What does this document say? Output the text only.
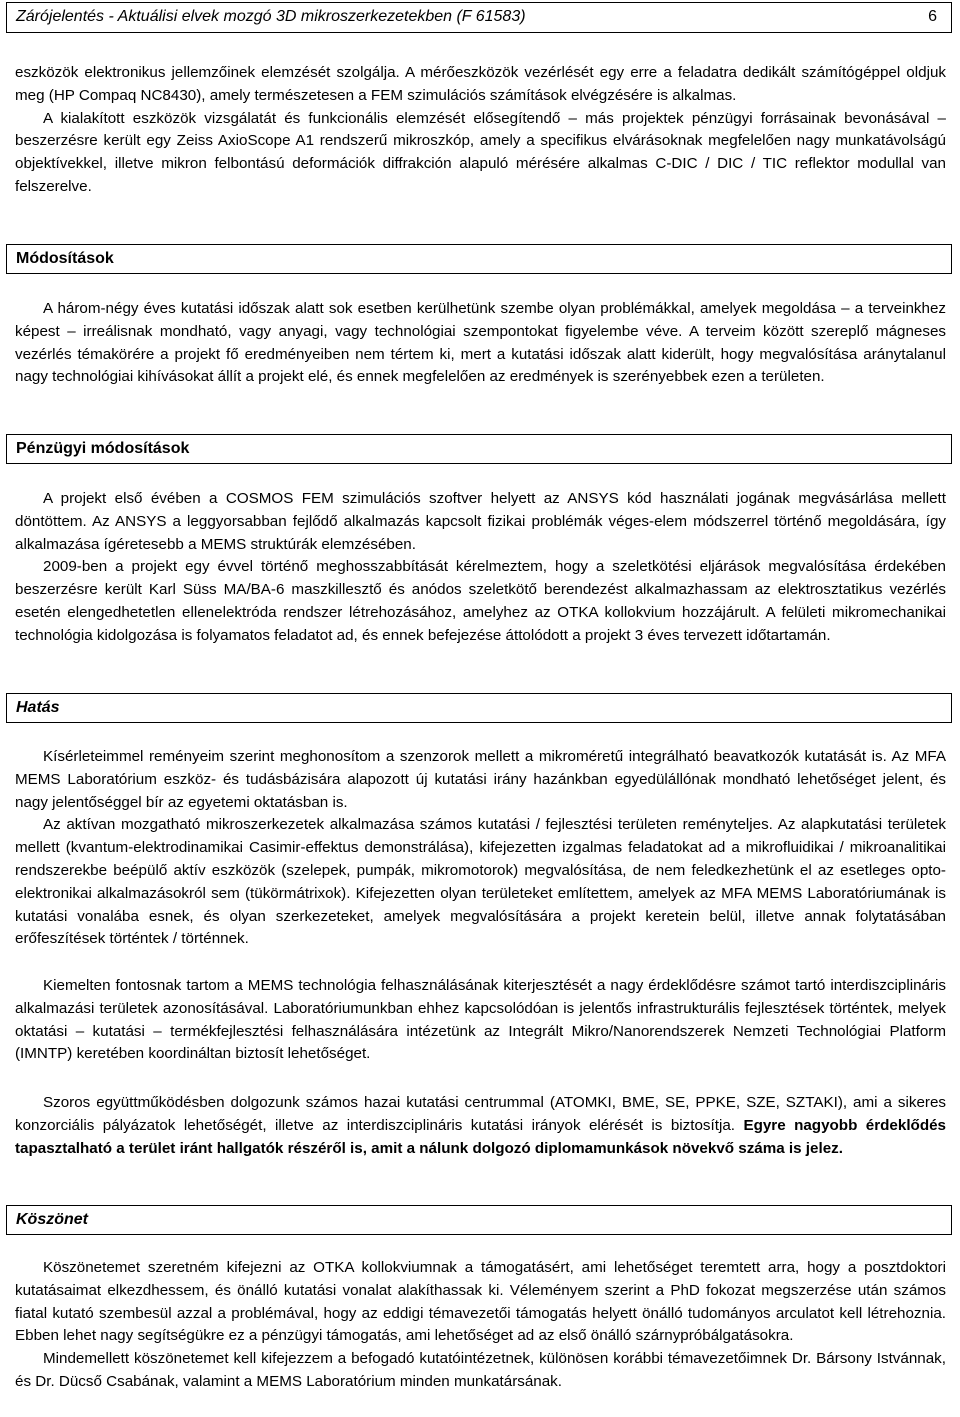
Zárójelentés - Aktuálisi elvek mozgó 3D mikroszerkezetekben (F 61583)	6

eszközök elektronikus jellemzőinek elemzését szolgálja. A mérőeszközök vezérlését egy erre a feladatra dedikált számítógéppel oldjuk meg (HP Compaq NC8430), amely természetesen a FEM szimulációs számítások elvégzésére is alkalmas.

A kialakított eszközök vizsgálatát és funkcionális elemzését elősegítendő – más projektek pénzügyi forrásainak bevonásával – beszerzésre került egy Zeiss AxioScope A1 rendszerű mikroszkóp, amely a specifikus elvárásoknak megfelelően nagy munkatávolságú objektívekkel, illetve mikron felbontású deformációk diffrakción alapuló mérésére alkalmas C-DIC / DIC / TIC reflektor modullal van felszerelve.

Módosítások

A három-négy éves kutatási időszak alatt sok esetben kerülhetünk szembe olyan problémákkal, amelyek megoldása – a terveinkhez képest – irreálisnak mondható, vagy anyagi, vagy technológiai szempontokat figyelembe véve. A terveim között szereplő mágneses vezérlés témakörére a projekt fő eredményeiben nem tértem ki, mert a kutatási időszak alatt kiderült, hogy megvalósítása aránytalanul nagy technológiai kihívásokat állít a projekt elé, és ennek megfelelően az eredmények is szerényebbek ezen a területen.

Pénzügyi módosítások

A projekt első évében a COSMOS FEM szimulációs szoftver helyett az ANSYS kód használati jogának megvásárlása mellett döntöttem. Az ANSYS a leggyorsabban fejlődő alkalmazás kapcsolt fizikai problémák véges-elem módszerrel történő megoldására, így alkalmazása ígéretesebb a MEMS struktúrák elemzésében.

2009-ben a projekt egy évvel történő meghosszabbítását kérelmeztem, hogy a szeletkötési eljárások megvalósítása érdekében beszerzésre került Karl Süss MA/BA-6 maszkillesztő és anódos szeletkötő berendezést alkalmazhassam az elektrosztatikus vezérlés esetén elengedhetetlen ellenelektróda rendszer létrehozásához, amelyhez az OTKA kollokvium hozzájárult. A felületi mikromechanikai technológia kidolgozása is folyamatos feladatot ad, és ennek befejezése áttolódott a projekt 3 éves tervezett időtartamán.

Hatás

Kísérleteimmel reményeim szerint meghonosítom a szenzorok mellett a mikroméretű integrálható beavatkozók kutatását is. Az MFA MEMS Laboratórium eszköz- és tudásbázisára alapozott új kutatási irány hazánkban egyedülállónak mondható lehetőséget jelent, és nagy jelentőséggel bír az egyetemi oktatásban is.

Az aktívan mozgatható mikroszerkezetek alkalmazása számos kutatási / fejlesztési területen reményteljes. Az alapkutatási területek mellett (kvantum-elektrodinamikai Casimir-effektus demonstrálása), kifejezetten izgalmas feladatokat ad a mikrofluidikai / mikroanalitikai rendszerekbe beépülő aktív eszközök (szelepek, pumpák, mikromotorok) megvalósítása, de nem feledkezhetünk el az esetleges opto-elektronikai alkalmazásokról sem (tükörmátrixok). Kifejezetten olyan területeket említettem, amelyek az MFA MEMS Laboratóriumának is kutatási vonalába esnek, és olyan szerkezeteket, amelyek megvalósítására a projekt keretein belül, illetve annak folytatásában erőfeszítések történtek / történnek.

Kiemelten fontosnak tartom a MEMS technológia felhasználásának kiterjesztését a nagy érdeklődésre számot tartó interdiszciplináris alkalmazási területek azonosításával. Laboratóriumunkban ehhez kapcsolódóan is jelentős infrastrukturális fejlesztések történtek, melyek oktatási – kutatási – termékfejlesztési felhasználására intézetünk az Integrált Mikro/Nanorendszerek Nemzeti Technológiai Platform (IMNTP) keretében koordináltan biztosít lehetőséget.

Szoros együttműködésben dolgozunk számos hazai kutatási centrummal (ATOMKI, BME, SE, PPKE, SZE, SZTAKI), ami a sikeres konzorciális pályázatok lehetőségét, illetve az interdiszciplináris kutatási irányok elérését is biztosítja. Egyre nagyobb érdeklődés tapasztalható a terület iránt hallgatók részéről is, amit a nálunk dolgozó diplomamunkások növekvő száma is jelez.

Köszönet

Köszönetemet szeretném kifejezni az OTKA kollokviumnak a támogatásért, ami lehetőséget teremtett arra, hogy a posztdoktori kutatásaimat elkezdhessem, és önálló kutatási vonalat alakíthassak ki. Véleményem szerint a PhD fokozat megszerzése után számos fiatal kutató szembesül azzal a problémával, hogy az eddigi témavezetői támogatás helyett önálló tudományos arculatot kell létrehoznia. Ebben lehet nagy segítségükre ez a pénzügyi támogatás, ami lehetőséget ad az első önálló szárnypróbálgatásokra.

Mindemellett köszönetemet kell kifejezzem a befogadó kutatóintézetnek, különösen korábbi témavezetőimnek Dr. Bársony Istvánnak, és Dr. Dücső Csabának, valamint a MEMS Laboratórium minden munkatársának.
